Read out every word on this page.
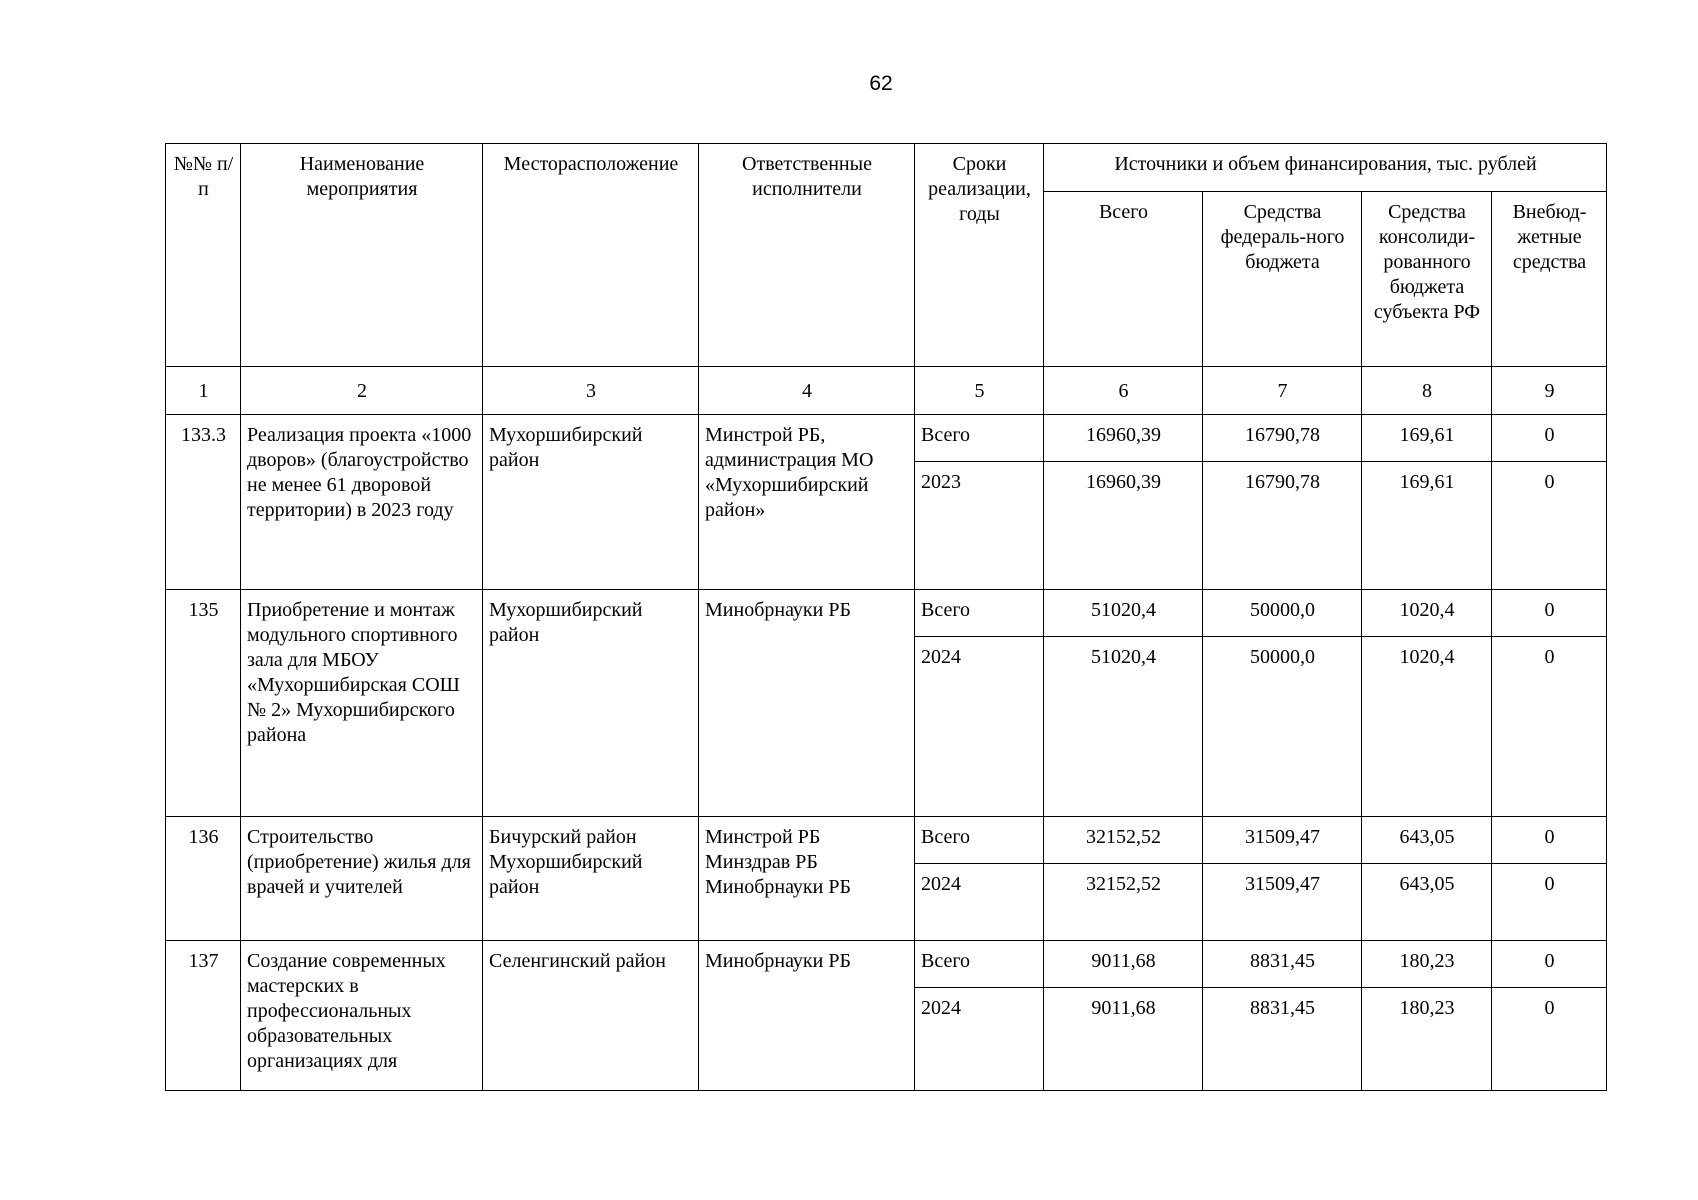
62
№№ п/п	Наименование мероприятия	Месторасположение	Ответственные исполнители	Сроки реализации, годы	Источники и объем финансирования, тыс. рублей			
					Всего	Средства федераль-ного бюджета	Средства консолиди-рованного бюджета субъекта РФ	Внебюд-жетные средства
1	2	3	4	5	6	7	8	9
133.3	Реализация проекта «1000 дворов» (благоустройство не менее 61 дворовой территории) в 2023 году	Мухоршибирский район	Минстрой РБ, администрация МО «Мухоршибирский район»	Всего	16960,39	16790,78	169,61	0
				2023	16960,39	16790,78	169,61	0
135	Приобретение и монтаж модульного спортивного зала для МБОУ «Мухоршибирская СОШ № 2» Мухоршибирского района	Мухоршибирский район	Минобрнауки РБ	Всего	51020,4	50000,0	1020,4	0
				2024	51020,4	50000,0	1020,4	0
136	Строительство (приобретение) жилья для врачей и учителей	Бичурский район Мухоршибирский район	Минстрой РБ Минздрав РБ Минобрнауки РБ	Всего	32152,52	31509,47	643,05	0
				2024	32152,52	31509,47	643,05	0
137	Создание современных мастерских в профессиональных образовательных организациях для	Селенгинский район	Минобрнауки РБ	Всего	9011,68	8831,45	180,23	0
				2024	9011,68	8831,45	180,23	0
